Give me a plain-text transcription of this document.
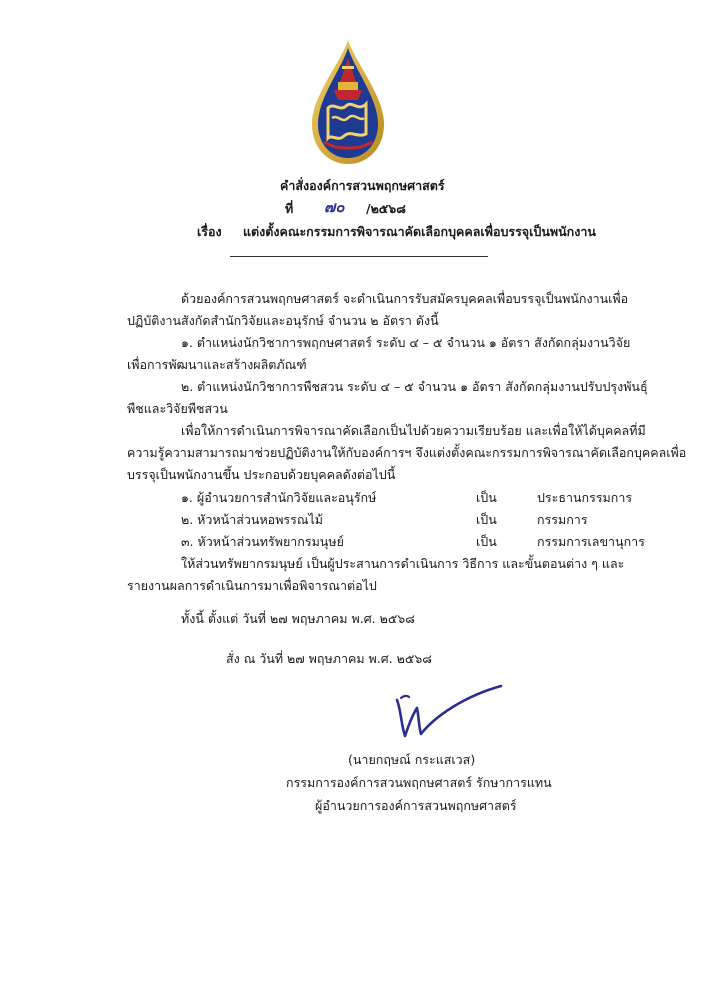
คำสั่งองค์การสวนพฤกษศาสตร์
ที่ ๗๐ /๒๕๖๘
เรื่อง แต่งตั้งคณะกรรมการพิจารณาคัดเลือกบุคคลเพื่อบรรจุเป็นพนักงาน
ด้วยองค์การสวนพฤกษศาสตร์ จะดำเนินการรับสมัครบุคคลเพื่อบรรจุเป็นพนักงานเพื่อ
ปฏิบัติงานสังกัดสำนักวิจัยและอนุรักษ์ จำนวน ๒ อัตรา ดังนี้
๑. ตำแหน่งนักวิชาการพฤกษศาสตร์ ระดับ ๔ – ๕ จำนวน ๑ อัตรา สังกัดกลุ่มงานวิจัย
เพื่อการพัฒนาและสร้างผลิตภัณฑ์
๒. ตำแหน่งนักวิชาการพืชสวน ระดับ ๔ – ๕ จำนวน ๑ อัตรา สังกัดกลุ่มงานปรับปรุงพันธุ์
พืชและวิจัยพืชสวน
เพื่อให้การดำเนินการพิจารณาคัดเลือกเป็นไปด้วยความเรียบร้อย และเพื่อให้ได้บุคคลที่มี
ความรู้ความสามารถมาช่วยปฏิบัติงานให้กับองค์การฯ จึงแต่งตั้งคณะกรรมการพิจารณาคัดเลือกบุคคลเพื่อ
บรรจุเป็นพนักงานขึ้น ประกอบด้วยบุคคลดังต่อไปนี้
๑. ผู้อำนวยการสำนักวิจัยและอนุรักษ์	เป็น	ประธานกรรมการ
๒. หัวหน้าส่วนหอพรรณไม้	เป็น	กรรมการ
๓. หัวหน้าส่วนทรัพยากรมนุษย์	เป็น	กรรมการเลขานุการ
ให้ส่วนทรัพยากรมนุษย์ เป็นผู้ประสานการดำเนินการ วิธีการ และขั้นตอนต่าง ๆ และ
รายงานผลการดำเนินการมาเพื่อพิจารณาต่อไป
ทั้งนี้ ตั้งแต่ วันที่ ๒๗ พฤษภาคม พ.ศ. ๒๕๖๘
สั่ง ณ วันที่ ๒๗ พฤษภาคม พ.ศ. ๒๕๖๘
(นายกฤษณ์ กระแสเวส)
กรรมการองค์การสวนพฤกษศาสตร์ รักษาการแทน
ผู้อำนวยการองค์การสวนพฤกษศาสตร์
